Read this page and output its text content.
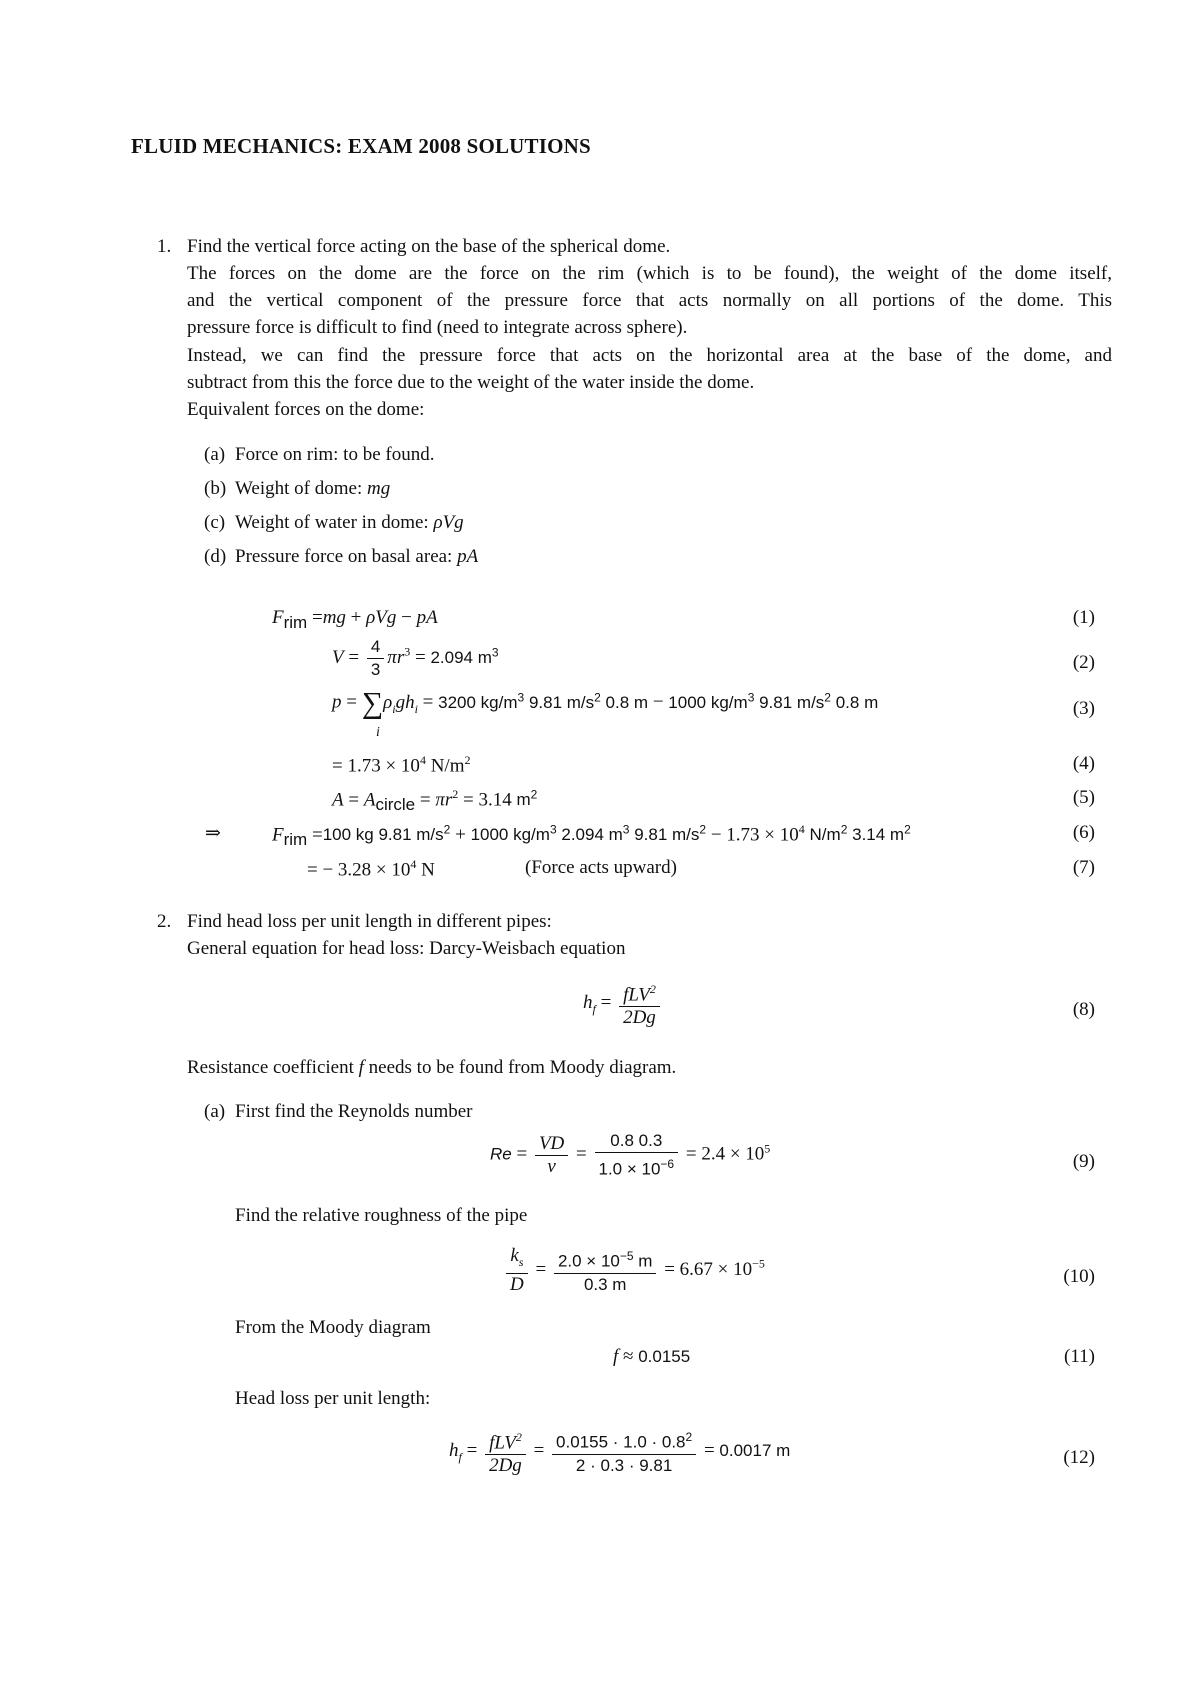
FLUID MECHANICS: EXAM 2008 SOLUTIONS
1. Find the vertical force acting on the base of the spherical dome.
The forces on the dome are the force on the rim (which is to be found), the weight of the dome itself,
and the vertical component of the pressure force that acts normally on all portions of the dome. This
pressure force is difficult to find (need to integrate across sphere).
Instead, we can find the pressure force that acts on the horizontal area at the base of the dome, and
subtract from this the force due to the weight of the water inside the dome.
Equivalent forces on the dome:
(a) Force on rim: to be found.
(b) Weight of dome: mg
(c) Weight of water in dome: ρVg
(d) Pressure force on basal area: pA
$F_{rim} =mg + \rho Vg$ − pA	(1)
$V = \frac{4}{3} \pi r^3 = 2.094$ $m^3$	(2)
$p = \sum\rho_igh_i = 3200$ $kg/m^3$ 9.81 $m/s^2$ 0.8 m − 1000 $kg/m^3$ 9.81 $m/s^2$ 0.8 m
i
(3)
= $1.73 \times 10^4$ $N/m^2$	(4)
$A = A_{circle} = \pi r^2 = 3.14$ $m^2$	(5)
⇒	$F_{rim} =100$ kg 9.81 $m/s^2 + 1000$ $kg/m^3$ 2.094 $m^3$ 9.81 $m/s^2 - 1.73 \times 10^4$ $N/m^2$ 3.14 $m^2$	(6)
= − $3.28 \times 10^4$ N	(Force acts upward)	(7)
2. Find head loss per unit length in different pipes:
General equation for head loss: Darcy-Weisbach equation
$h_f = \frac{fLV^2}{2Dg}$	(8)
Resistance coefficient f needs to be found from Moody diagram.
(a) First find the Reynolds number
$Re = \frac{VD}{\nu} = \frac{0.8 0.3}{1.0 \times 10^{-6}} = 2.4 \times 10^5$
(9)
Find the relative roughness of the pipe
$\frac{k_s}{D} = \frac{2.0 \times 10^{-5} m}{0.3 m} = 6.67 \times 10^{-5}$
(10)
From the Moody diagram
f ≈ 0.0155	(11)
Head loss per unit length:
$h_f = \frac{fLV^2}{2Dg} = \frac{0.0155 \cdot 1.0 \cdot 0.8^2}{2 \cdot 0.3 \cdot 9.81} = 0.0017$ m	(12)
